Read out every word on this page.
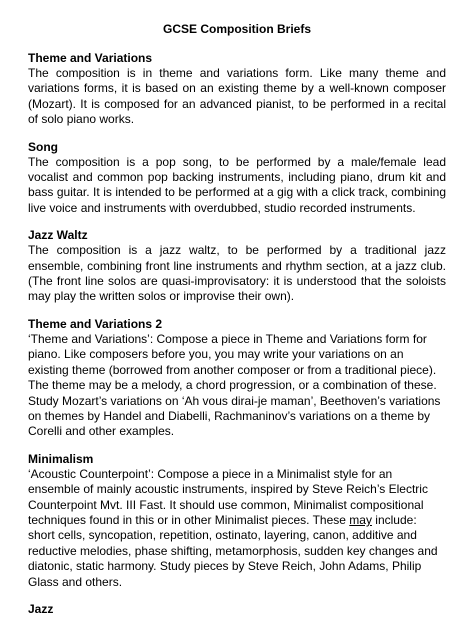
GCSE Composition Briefs
Theme and Variations
The composition is in theme and variations form. Like many theme and variations forms, it is based on an existing theme by a well-known composer (Mozart). It is composed for an advanced pianist, to be performed in a recital of solo piano works.
Song
The composition is a pop song, to be performed by a male/female lead vocalist and common pop backing instruments, including piano, drum kit and bass guitar. It is intended to be performed at a gig with a click track, combining live voice and instruments with overdubbed, studio recorded instruments.
Jazz Waltz
The composition is a jazz waltz, to be performed by a traditional jazz ensemble, combining front line instruments and rhythm section, at a jazz club. (The front line solos are quasi-improvisatory: it is understood that the soloists may play the written solos or improvise their own).
Theme and Variations 2
‘Theme and Variations’: Compose a piece in Theme and Variations form for piano. Like composers before you, you may write your variations on an existing theme (borrowed from another composer or from a traditional piece). The theme may be a melody, a chord progression, or a combination of these. Study Mozart’s variations on ‘Ah vous dirai-je maman’, Beethoven’s variations on themes by Handel and Diabelli, Rachmaninov’s variations on a theme by Corelli and other examples.
Minimalism
‘Acoustic Counterpoint’: Compose a piece in a Minimalist style for an ensemble of mainly acoustic instruments, inspired by Steve Reich’s Electric Counterpoint Mvt. III Fast. It should use common, Minimalist compositional techniques found in this or in other Minimalist pieces. These may include: short cells, syncopation, repetition, ostinato, layering, canon, additive and reductive melodies, phase shifting, metamorphosis, sudden key changes and diatonic, static harmony. Study pieces by Steve Reich, John Adams, Philip Glass and others.
Jazz
